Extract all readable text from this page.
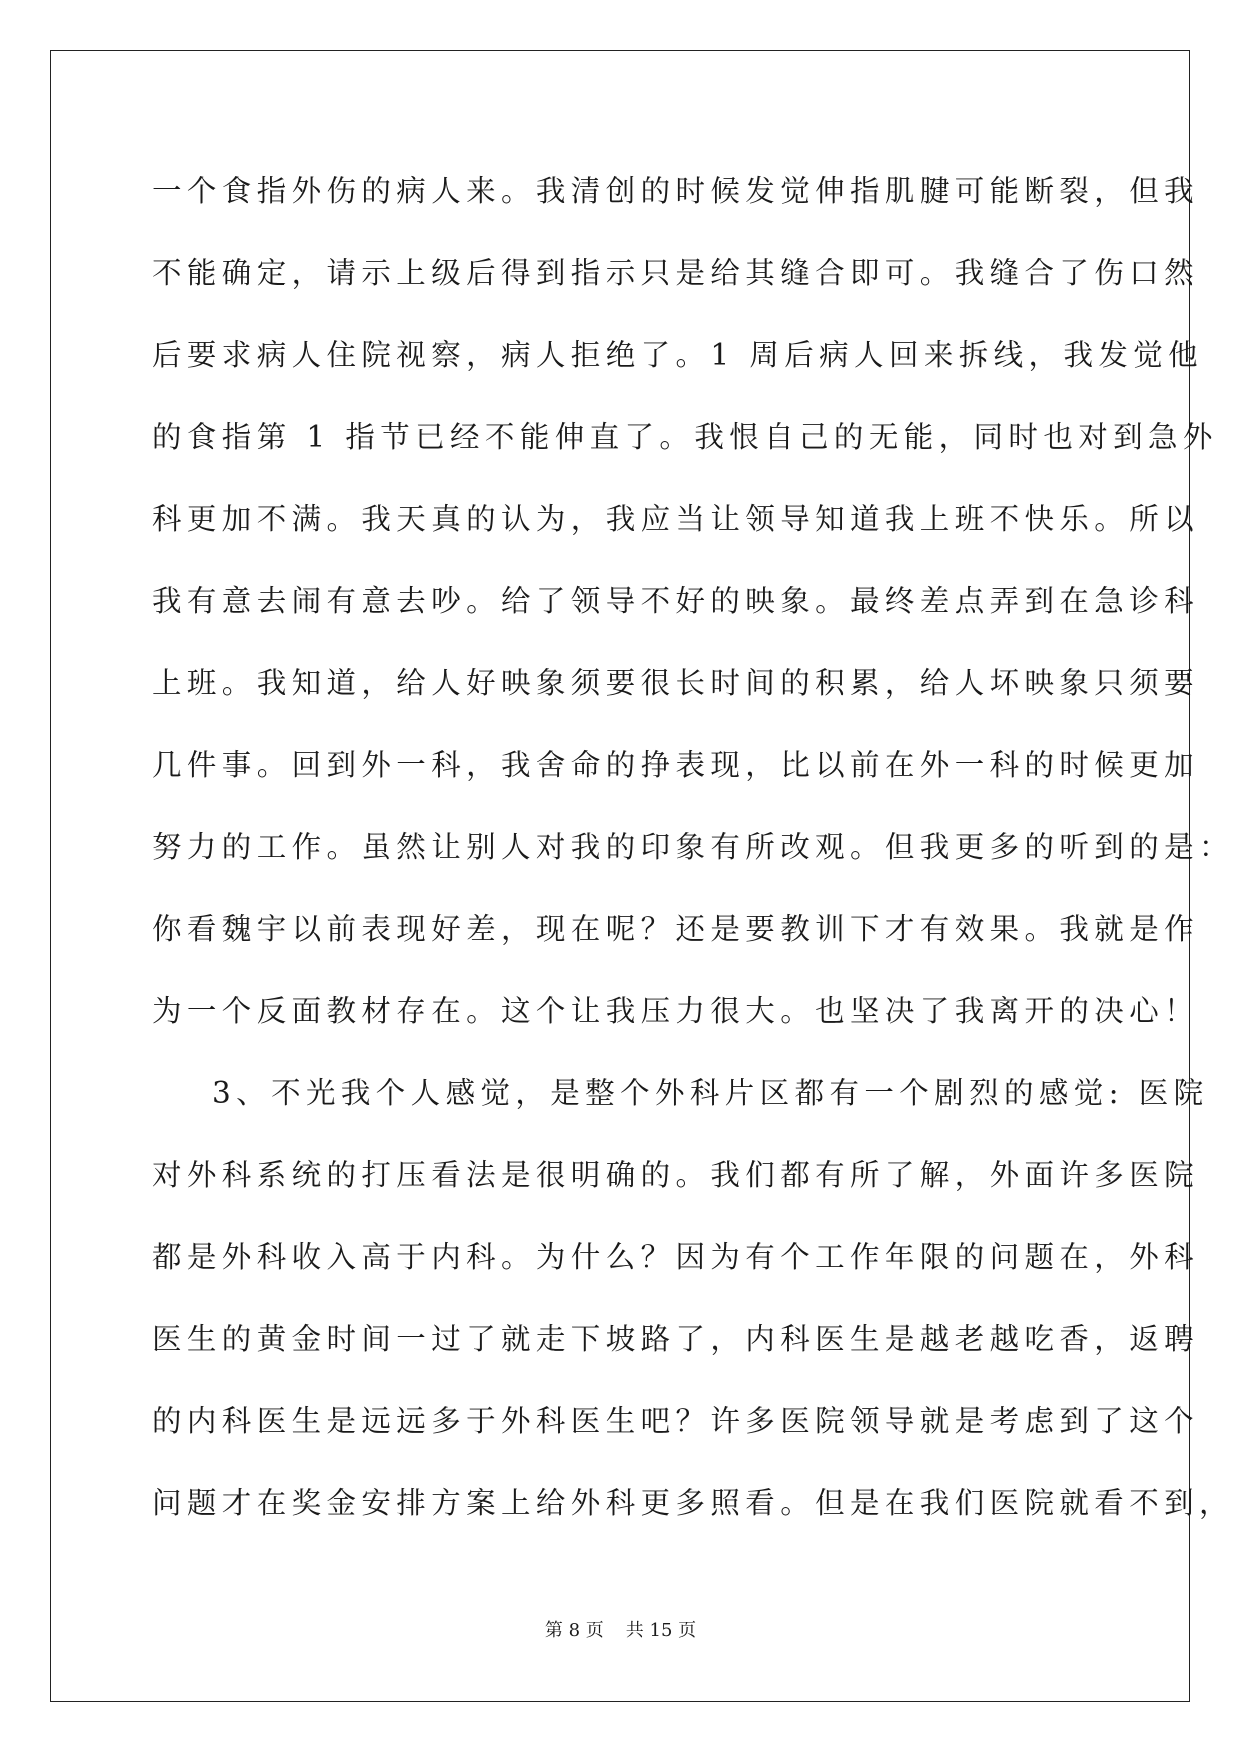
一个食指外伤的病人来。我清创的时候发觉伸指肌腱可能断裂，但我
不能确定，请示上级后得到指示只是给其缝合即可。我缝合了伤口然
后要求病人住院视察，病人拒绝了。1 周后病人回来拆线，我发觉他
的食指第 1 指节已经不能伸直了。我恨自己的无能，同时也对到急外
科更加不满。我天真的认为，我应当让领导知道我上班不快乐。所以
我有意去闹有意去吵。给了领导不好的映象。最终差点弄到在急诊科
上班。我知道，给人好映象须要很长时间的积累，给人坏映象只须要
几件事。回到外一科，我舍命的挣表现，比以前在外一科的时候更加
努力的工作。虽然让别人对我的印象有所改观。但我更多的听到的是：
你看魏宇以前表现好差，现在呢？还是要教训下才有效果。我就是作
为一个反面教材存在。这个让我压力很大。也坚决了我离开的决心！
3、不光我个人感觉，是整个外科片区都有一个剧烈的感觉: 医院
对外科系统的打压看法是很明确的。我们都有所了解，外面许多医院
都是外科收入高于内科。为什么？因为有个工作年限的问题在，外科
医生的黄金时间一过了就走下坡路了，内科医生是越老越吃香，返聘
的内科医生是远远多于外科医生吧？许多医院领导就是考虑到了这个
问题才在奖金安排方案上给外科更多照看。但是在我们医院就看不到，
第 8 页 共 15 页
